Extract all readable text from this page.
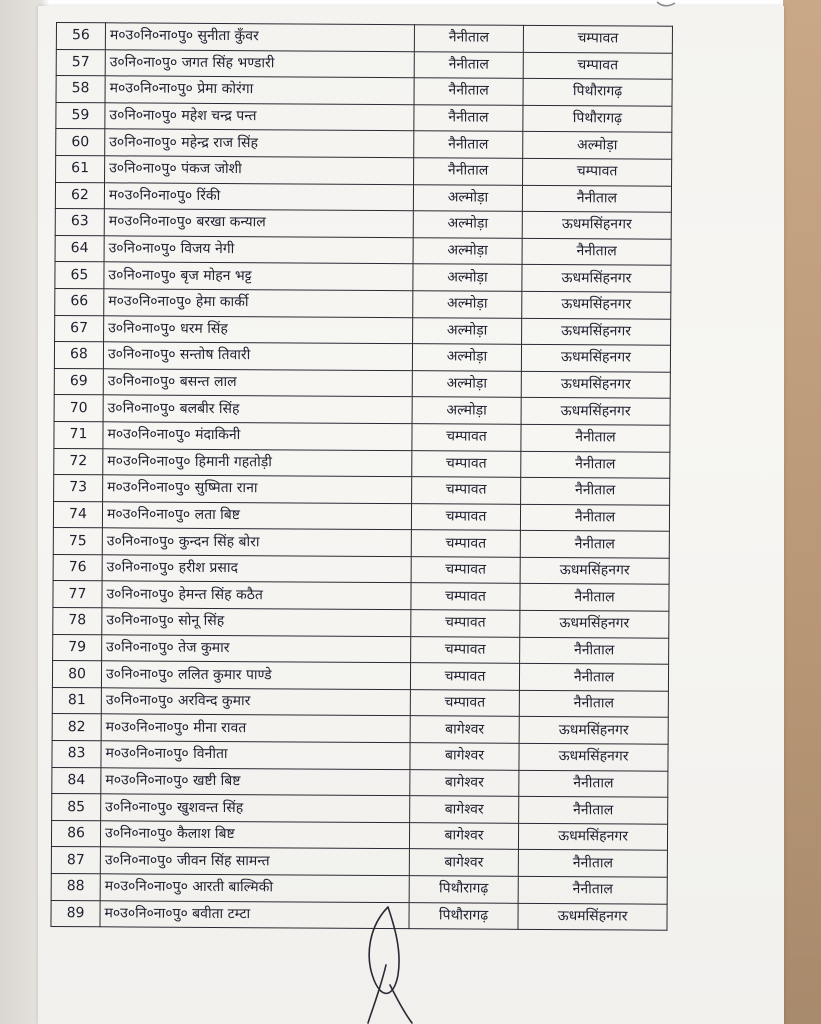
56	म०उ०नि०ना०पु० सुनीता कुँवर	नैनीताल	चम्पावत
57	उ०नि०ना०पु० जगत सिंह भण्डारी	नैनीताल	चम्पावत
58	म०उ०नि०ना०पु० प्रेमा कोरंगा	नैनीताल	पिथौरागढ़
59	उ०नि०ना०पु० महेश चन्द्र पन्त	नैनीताल	पिथौरागढ़
60	उ०नि०ना०पु० महेन्द्र राज सिंह	नैनीताल	अल्मोड़ा
61	उ०नि०ना०पु० पंकज जोशी	नैनीताल	चम्पावत
62	म०उ०नि०ना०पु० रिंकी	अल्मोड़ा	नैनीताल
63	म०उ०नि०ना०पु० बरखा कन्याल	अल्मोड़ा	ऊधमसिंहनगर
64	उ०नि०ना०पु० विजय नेगी	अल्मोड़ा	नैनीताल
65	उ०नि०ना०पु० बृज मोहन भट्ट	अल्मोड़ा	ऊधमसिंहनगर
66	म०उ०नि०ना०पु० हेमा कार्की	अल्मोड़ा	ऊधमसिंहनगर
67	उ०नि०ना०पु० धरम सिंह	अल्मोड़ा	ऊधमसिंहनगर
68	उ०नि०ना०पु० सन्तोष तिवारी	अल्मोड़ा	ऊधमसिंहनगर
69	उ०नि०ना०पु० बसन्त लाल	अल्मोड़ा	ऊधमसिंहनगर
70	उ०नि०ना०पु० बलबीर सिंह	अल्मोड़ा	ऊधमसिंहनगर
71	म०उ०नि०ना०पु० मंदाकिनी	चम्पावत	नैनीताल
72	म०उ०नि०ना०पु० हिमानी गहतोड़ी	चम्पावत	नैनीताल
73	म०उ०नि०ना०पु० सुष्मिता राना	चम्पावत	नैनीताल
74	म०उ०नि०ना०पु० लता बिष्ट	चम्पावत	नैनीताल
75	उ०नि०ना०पु० कुन्दन सिंह बोरा	चम्पावत	नैनीताल
76	उ०नि०ना०पु० हरीश प्रसाद	चम्पावत	ऊधमसिंहनगर
77	उ०नि०ना०पु० हेमन्त सिंह कठैत	चम्पावत	नैनीताल
78	उ०नि०ना०पु० सोनू सिंह	चम्पावत	ऊधमसिंहनगर
79	उ०नि०ना०पु० तेज कुमार	चम्पावत	नैनीताल
80	उ०नि०ना०पु० ललित कुमार पाण्डे	चम्पावत	नैनीताल
81	उ०नि०ना०पु० अरविन्द कुमार	चम्पावत	नैनीताल
82	म०उ०नि०ना०पु० मीना रावत	बागेश्वर	ऊधमसिंहनगर
83	म०उ०नि०ना०पु० विनीता	बागेश्वर	ऊधमसिंहनगर
84	म०उ०नि०ना०पु० खष्टी बिष्ट	बागेश्वर	नैनीताल
85	उ०नि०ना०पु० खुशवन्त सिंह	बागेश्वर	नैनीताल
86	उ०नि०ना०पु० कैलाश बिष्ट	बागेश्वर	ऊधमसिंहनगर
87	उ०नि०ना०पु० जीवन सिंह सामन्त	बागेश्वर	नैनीताल
88	म०उ०नि०ना०पु० आरती बाल्मिकी	पिथौरागढ़	नैनीताल
89	म०उ०नि०ना०पु० बवीता टम्टा	पिथौरागढ़	ऊधमसिंहनगर
